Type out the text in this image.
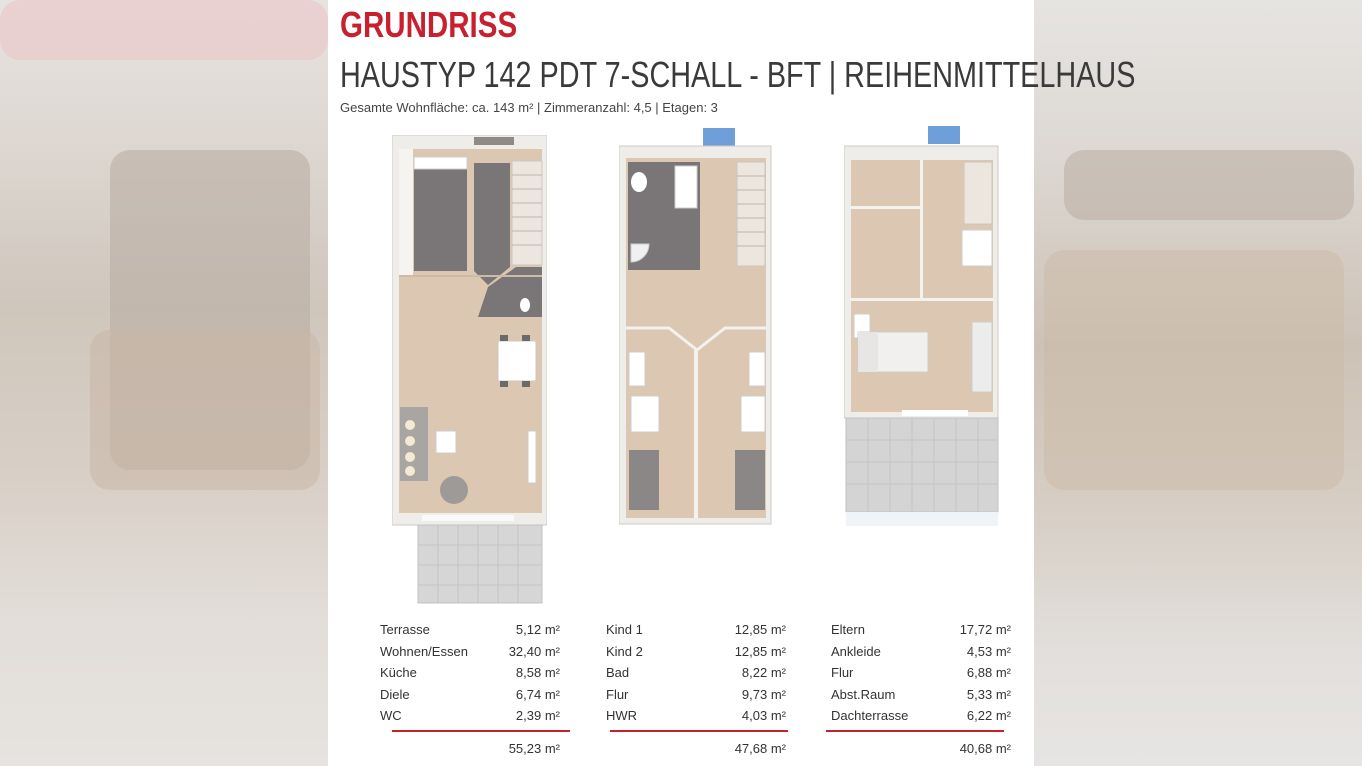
GRUNDRISS
HAUSTYP 142 PDT 7-SCHALL - BFT | REIHENMITTELHAUS
Gesamte Wohnfläche: ca. 143 m² | Zimmeranzahl: 4,5 | Etagen: 3
Terrasse	5,12 m²
Wohnen/Essen	32,40 m²
Küche	8,58 m²
Diele	6,74 m²
WC	2,39 m²
55,23 m²
Kind 1	12,85 m²
Kind 2	12,85 m²
Bad	8,22 m²
Flur	9,73 m²
HWR	4,03 m²
47,68 m²
Eltern	17,72 m²
Ankleide	4,53 m²
Flur	6,88 m²
Abst.Raum	5,33 m²
Dachterrasse	6,22 m²
40,68 m²
